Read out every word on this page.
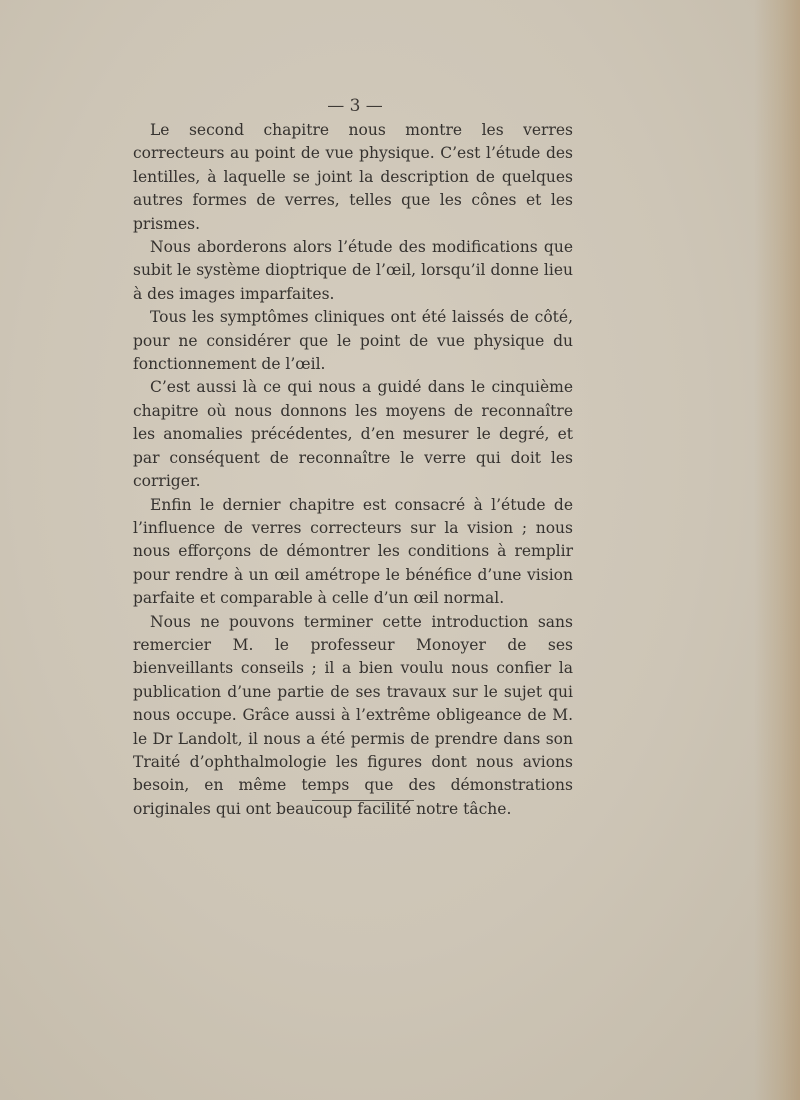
— 3 —

Le second chapitre nous montre les verres correcteurs au point de vue physique. C’est l’étude des lentilles, à laquelle se joint la description de quelques autres formes de verres, telles que les cônes et les prismes.

Nous aborderons alors l’étude des modifications que subit le système dioptrique de l’œil, lorsqu’il donne lieu à des images imparfaites.

Tous les symptômes cliniques ont été laissés de côté, pour ne considérer que le point de vue physique du fonctionnement de l’œil.

C’est aussi là ce qui nous a guidé dans le cinquième chapitre où nous donnons les moyens de reconnaître les anomalies précédentes, d’en mesurer le degré, et par conséquent de reconnaître le verre qui doit les corriger.

Enfin le dernier chapitre est consacré à l’étude de l’influence de verres correcteurs sur la vision ; nous nous efforçons de démontrer les conditions à remplir pour rendre à un œil amétrope le bénéfice d’une vision parfaite et comparable à celle d’un œil normal.

Nous ne pouvons terminer cette introduction sans remercier M. le professeur Monoyer de ses bienveillants conseils ; il a bien voulu nous confier la publication d’une partie de ses travaux sur le sujet qui nous occupe. Grâce aussi à l’extrême obligeance de M. le Dr Landolt, il nous a été permis de prendre dans son Traité d’ophthalmologie les figures dont nous avions besoin, en même temps que des démonstrations originales qui ont beaucoup facilité notre tâche.
